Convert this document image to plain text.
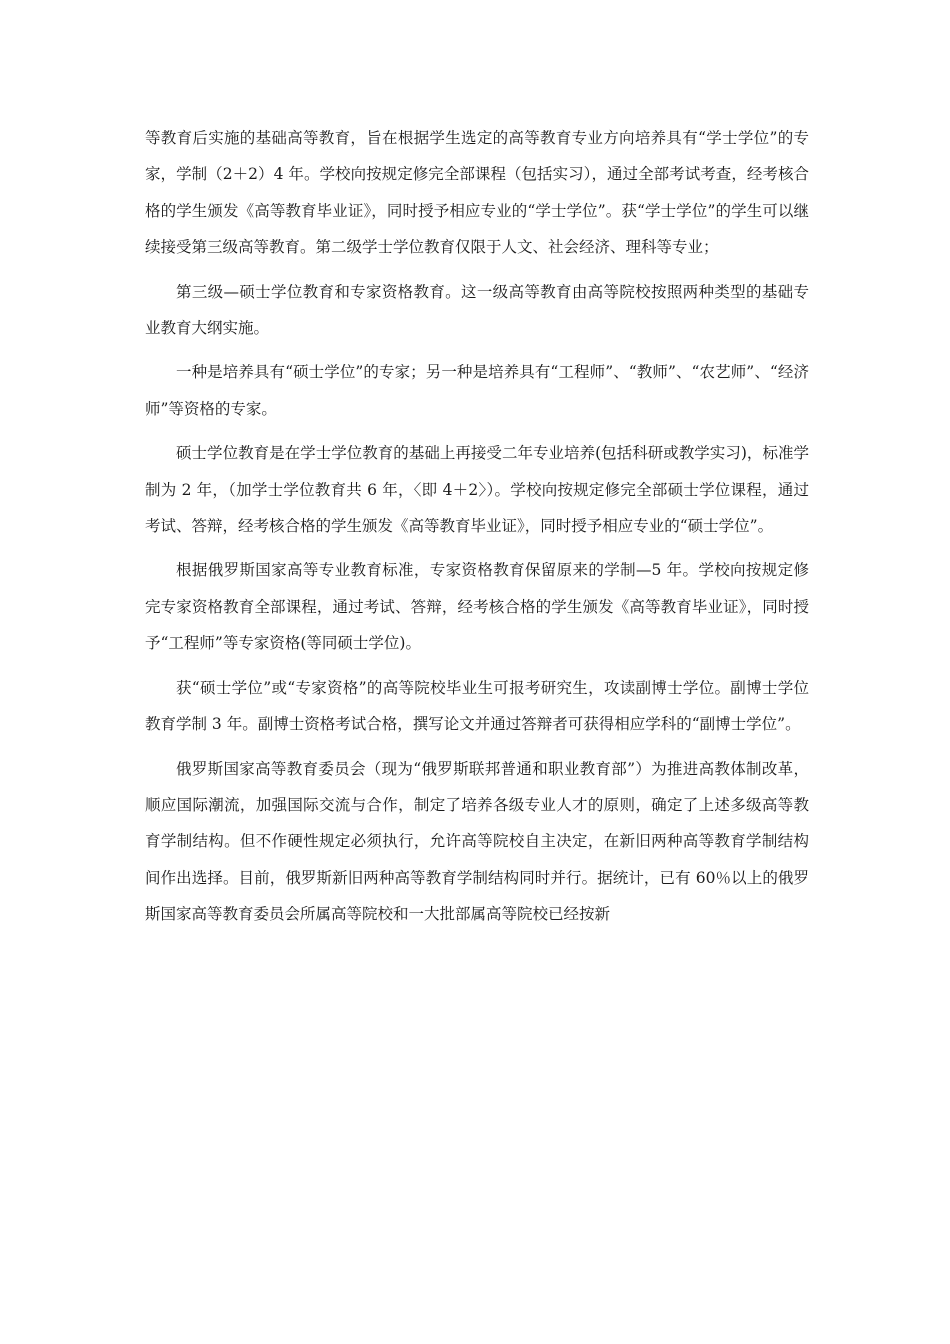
等教育后实施的基础高等教育，旨在根据学生选定的高等教育专业方向培养具有“学士学位”的专家，学制（2＋2）4 年。学校向按规定修完全部课程（包括实习），通过全部考试考查，经考核合格的学生颁发《高等教育毕业证》，同时授予相应专业的“学士学位”。获“学士学位”的学生可以继续接受第三级高等教育。第二级学士学位教育仅限于人文、社会经济、理科等专业；

第三级—硕士学位教育和专家资格教育。这一级高等教育由高等院校按照两种类型的基础专业教育大纲实施。

一种是培养具有“硕士学位”的专家；另一种是培养具有“工程师”、“教师”、“农艺师”、“经济师”等资格的专家。

硕士学位教育是在学士学位教育的基础上再接受二年专业培养(包括科研或教学实习)，标准学制为 2 年，（加学士学位教育共 6 年，〈即 4＋2〉）。学校向按规定修完全部硕士学位课程，通过考试、答辩，经考核合格的学生颁发《高等教育毕业证》，同时授予相应专业的“硕士学位”。

根据俄罗斯国家高等专业教育标准，专家资格教育保留原来的学制—5 年。学校向按规定修完专家资格教育全部课程，通过考试、答辩，经考核合格的学生颁发《高等教育毕业证》，同时授予“工程师”等专家资格(等同硕士学位)。

获“硕士学位”或“专家资格”的高等院校毕业生可报考研究生，攻读副博士学位。副博士学位教育学制 3 年。副博士资格考试合格，撰写论文并通过答辩者可获得相应学科的“副博士学位”。

俄罗斯国家高等教育委员会（现为“俄罗斯联邦普通和职业教育部”）为推进高教体制改革，顺应国际潮流，加强国际交流与合作，制定了培养各级专业人才的原则，确定了上述多级高等教育学制结构。但不作硬性规定必须执行，允许高等院校自主决定，在新旧两种高等教育学制结构间作出选择。目前，俄罗斯新旧两种高等教育学制结构同时并行。据统计，已有 60％以上的俄罗斯国家高等教育委员会所属高等院校和一大批部属高等院校已经按新
